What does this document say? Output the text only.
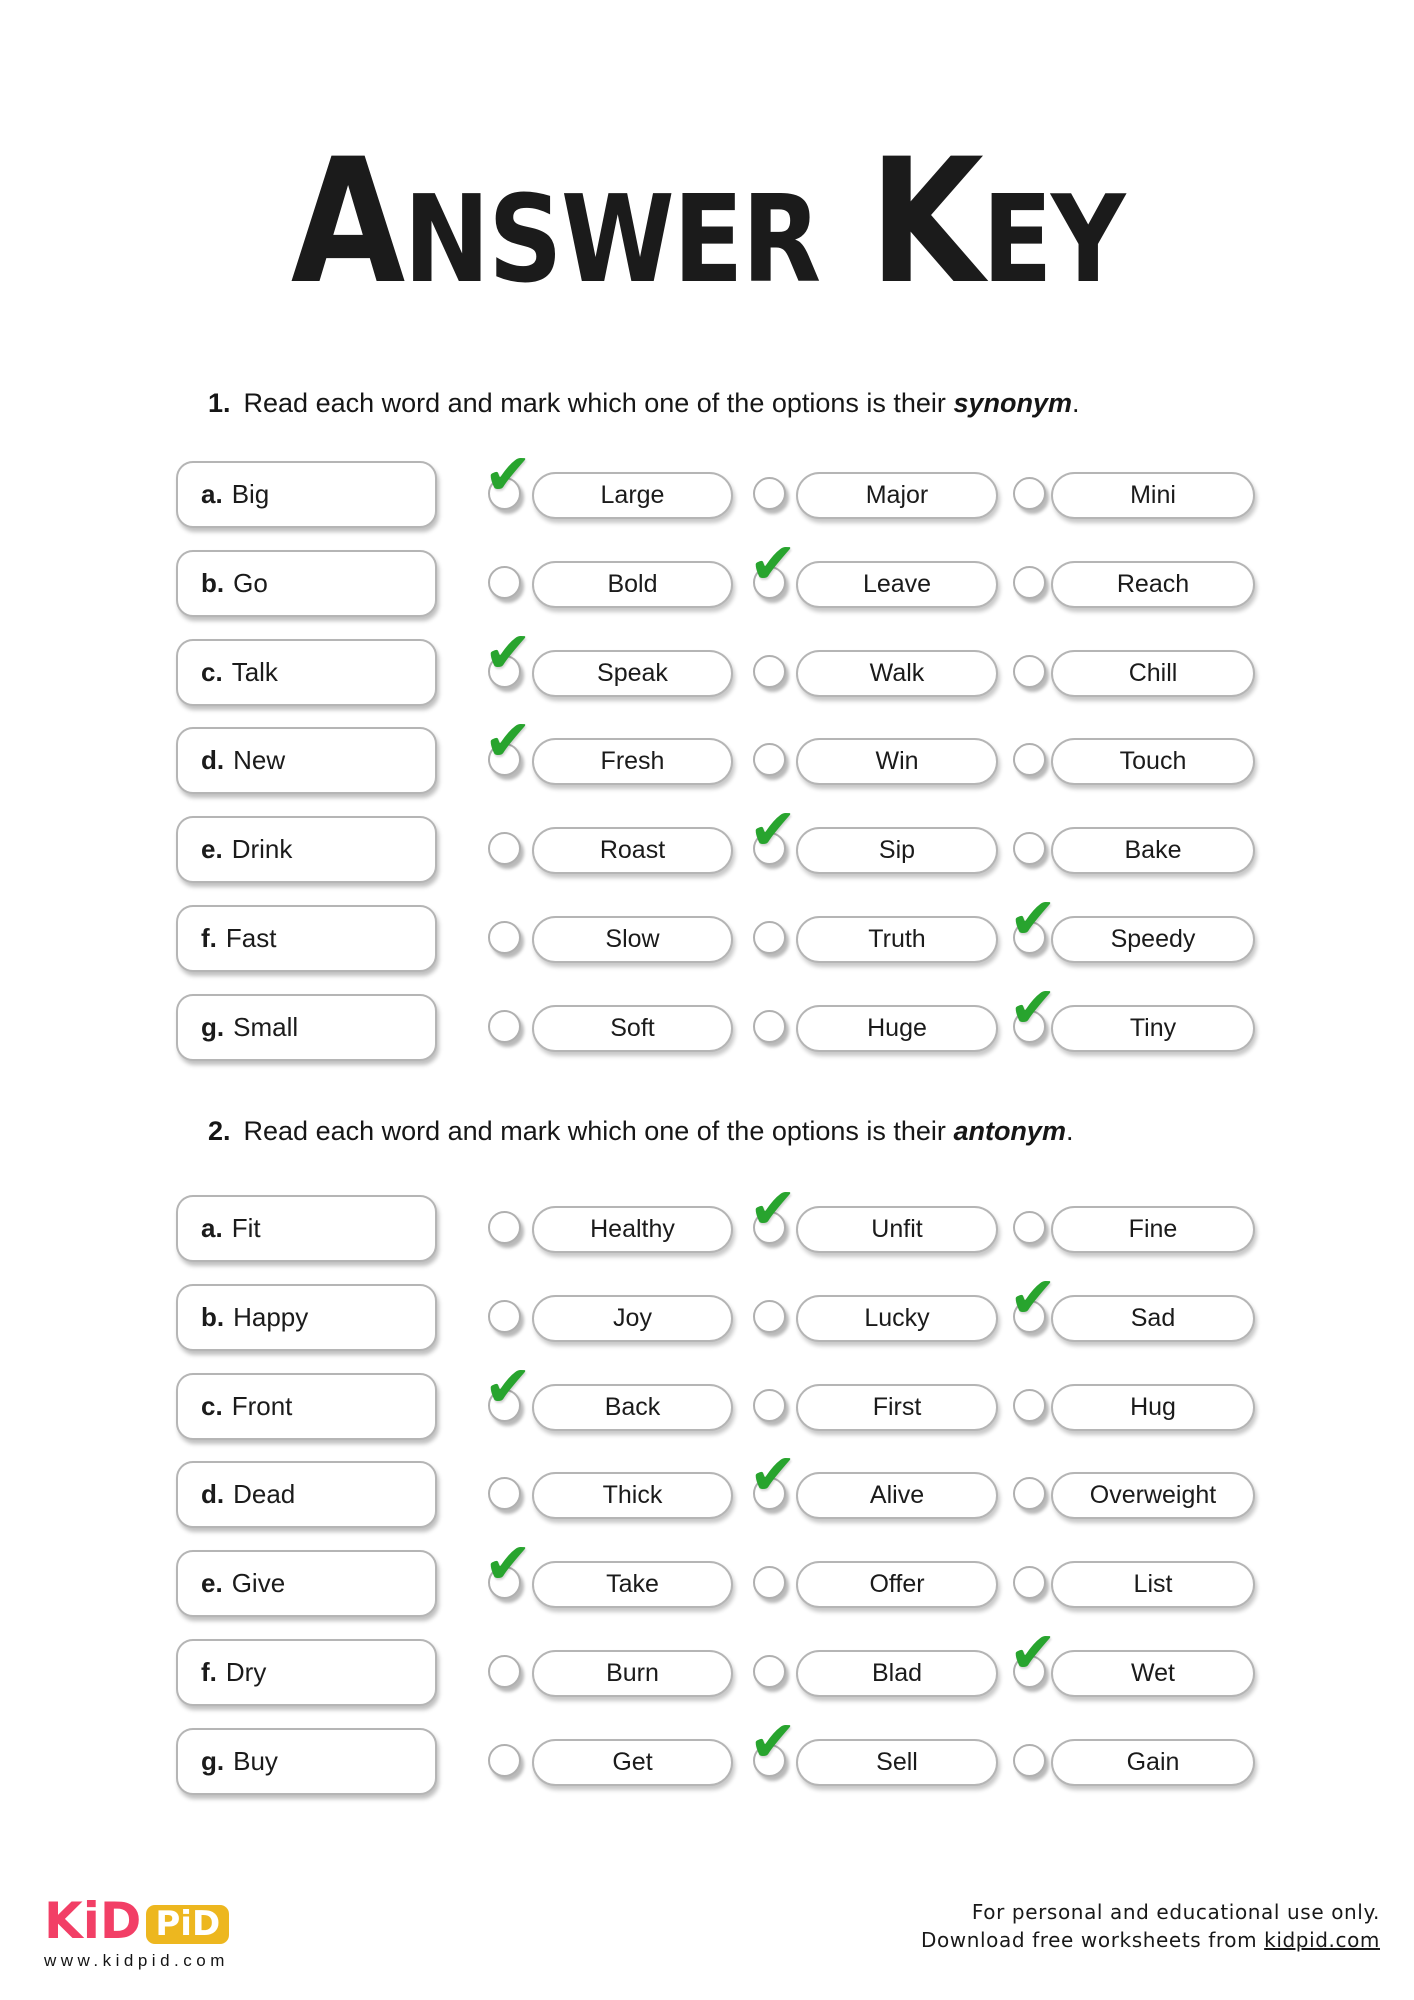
Answer Key
1. Read each word and mark which one of the options is their synonym.
2. Read each word and mark which one of the options is their antonym.
a. Big	Large	Major	Mini
✔
b. Go	Bold	Leave	Reach
✔
c. Talk	Speak	Walk	Chill
✔
d. New	Fresh	Win	Touch
✔
e. Drink	Roast	Sip	Bake
✔
f. Fast	Slow	Truth	Speedy
✔
g. Small	Soft	Huge	Tiny
✔
a. Fit	Healthy	Unfit	Fine
✔
b. Happy	Joy	Lucky	Sad
✔
c. Front	Back	First	Hug
✔
d. Dead	Thick	Alive	Overweight
✔
e. Give	Take	Offer	List
✔
f. Dry	Burn	Blad	Wet
✔
g. Buy	Get	Sell	Gain
✔
KiD PiD
www.kidpid.com
For personal and educational use only.
Download free worksheets from kidpid.com
